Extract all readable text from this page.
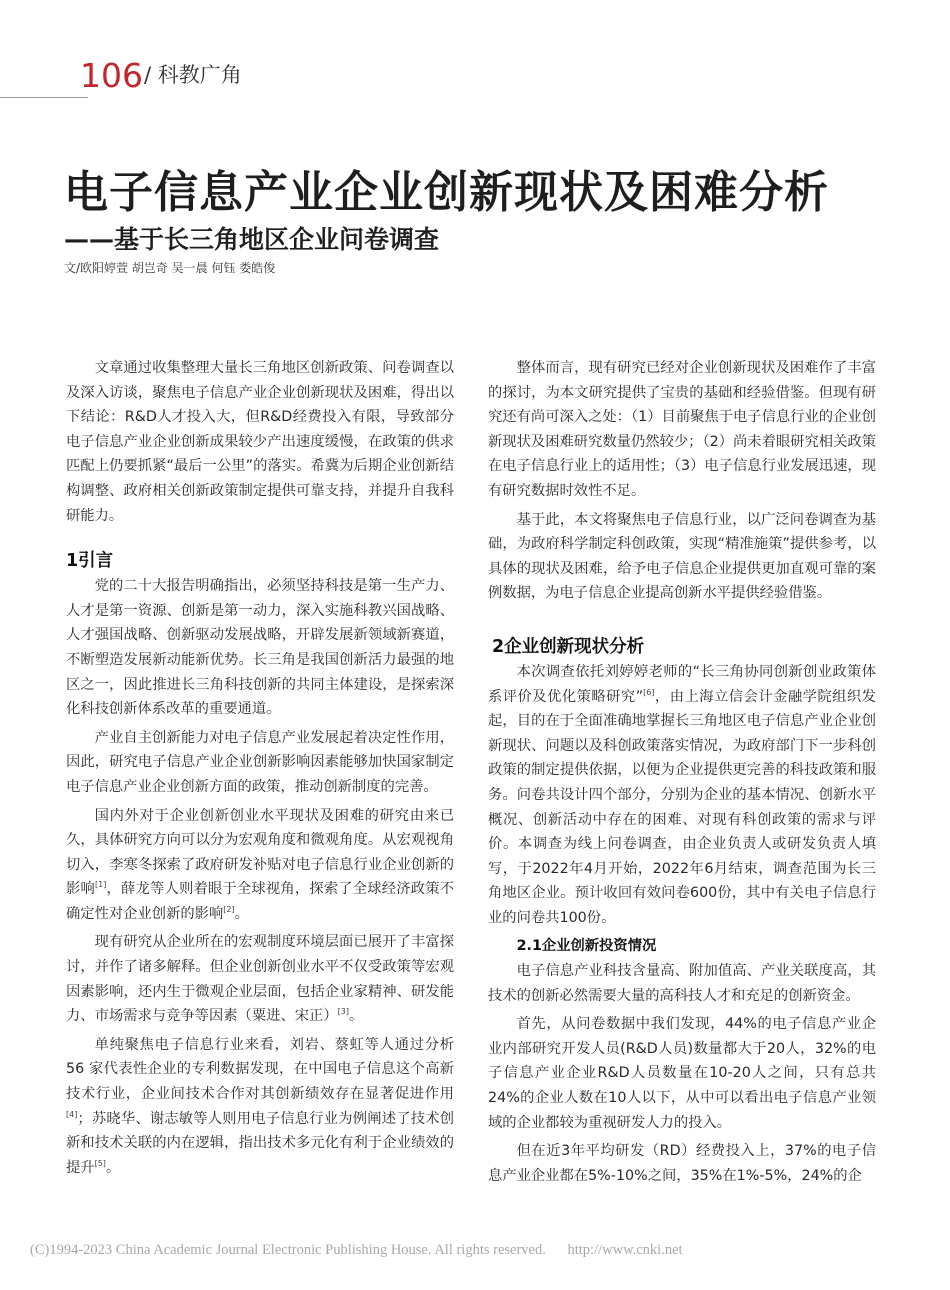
106 / 科教广角
电子信息产业企业创新现状及困难分析
——基于长三角地区企业问卷调查
文/欧阳婷萱 胡岂奇 吴一晨 何钰 娄皓俊

文章通过收集整理大量长三角地区创新政策、问卷调查以及深入访谈，聚焦电子信息产业企业创新现状及困难，得出以下结论：R&D人才投入大，但R&D经费投入有限，导致部分电子信息产业企业创新成果较少产出速度缓慢，在政策的供求匹配上仍要抓紧“最后一公里”的落实。希冀为后期企业创新结构调整、政府相关创新政策制定提供可靠支持，并提升自我科研能力。

1引言

党的二十大报告明确指出，必须坚持科技是第一生产力、人才是第一资源、创新是第一动力，深入实施科教兴国战略、人才强国战略、创新驱动发展战略，开辟发展新领域新赛道，不断塑造发展新动能新优势。长三角是我国创新活力最强的地区之一，因此推进长三角科技创新的共同主体建设，是探索深化科技创新体系改革的重要通道。

产业自主创新能力对电子信息产业发展起着决定性作用，因此，研究电子信息产业企业创新影响因素能够加快国家制定电子信息产业企业创新方面的政策，推动创新制度的完善。

国内外对于企业创新创业水平现状及困难的研究由来已久，具体研究方向可以分为宏观角度和微观角度。从宏观视角切入，李寒冬探索了政府研发补贴对电子信息行业企业创新的影响[1]，薛龙等人则着眼于全球视角，探索了全球经济政策不确定性对企业创新的影响[2]。

现有研究从企业所在的宏观制度环境层面已展开了丰富探讨，并作了诸多解释。但企业创新创业水平不仅受政策等宏观因素影响，还内生于微观企业层面，包括企业家精神、研发能力、市场需求与竞争等因素（粟进、宋正）[3]。

单纯聚焦电子信息行业来看，刘岩、蔡虹等人通过分析56 家代表性企业的专利数据发现，在中国电子信息这个高新技术行业，企业间技术合作对其创新绩效存在显著促进作用[4]；苏晓华、谢志敏等人则用电子信息行业为例阐述了技术创新和技术关联的内在逻辑，指出技术多元化有利于企业绩效的提升[5]。

整体而言，现有研究已经对企业创新现状及困难作了丰富的探讨，为本文研究提供了宝贵的基础和经验借鉴。但现有研究还有尚可深入之处：（1）目前聚焦于电子信息行业的企业创新现状及困难研究数量仍然较少；（2）尚未着眼研究相关政策在电子信息行业上的适用性；（3）电子信息行业发展迅速，现有研究数据时效性不足。

基于此，本文将聚焦电子信息行业，以广泛问卷调查为基础，为政府科学制定科创政策，实现“精准施策”提供参考，以具体的现状及困难，给予电子信息企业提供更加直观可靠的案例数据，为电子信息企业提高创新水平提供经验借鉴。

2企业创新现状分析

本次调查依托刘婷婷老师的“长三角协同创新创业政策体系评价及优化策略研究”[6]，由上海立信会计金融学院组织发起，目的在于全面准确地掌握长三角地区电子信息产业企业创新现状、问题以及科创政策落实情况，为政府部门下一步科创政策的制定提供依据，以便为企业提供更完善的科技政策和服务。问卷共设计四个部分，分别为企业的基本情况、创新水平概况、创新活动中存在的困难、对现有科创政策的需求与评价。本调查为线上问卷调查，由企业负责人或研发负责人填写，于2022年4月开始，2022年6月结束，调查范围为长三角地区企业。预计收回有效问卷600份，其中有关电子信息行业的问卷共100份。

2.1企业创新投资情况

电子信息产业科技含量高、附加值高、产业关联度高，其技术的创新必然需要大量的高科技人才和充足的创新资金。

首先，从问卷数据中我们发现，44%的电子信息产业企业内部研究开发人员(R&D人员)数量都大于20人，32%的电子信息产业企业R&D人员数量在10-20人之间，只有总共24%的企业人数在10人以下，从中可以看出电子信息产业领域的企业都较为重视研发人力的投入。

但在近3年平均研发（RD）经费投入上，37%的电子信息产业企业都在5%-10%之间，35%在1%-5%，24%的企

(C)1994-2023 China Academic Journal Electronic Publishing House. All rights reserved. http://www.cnki.net
